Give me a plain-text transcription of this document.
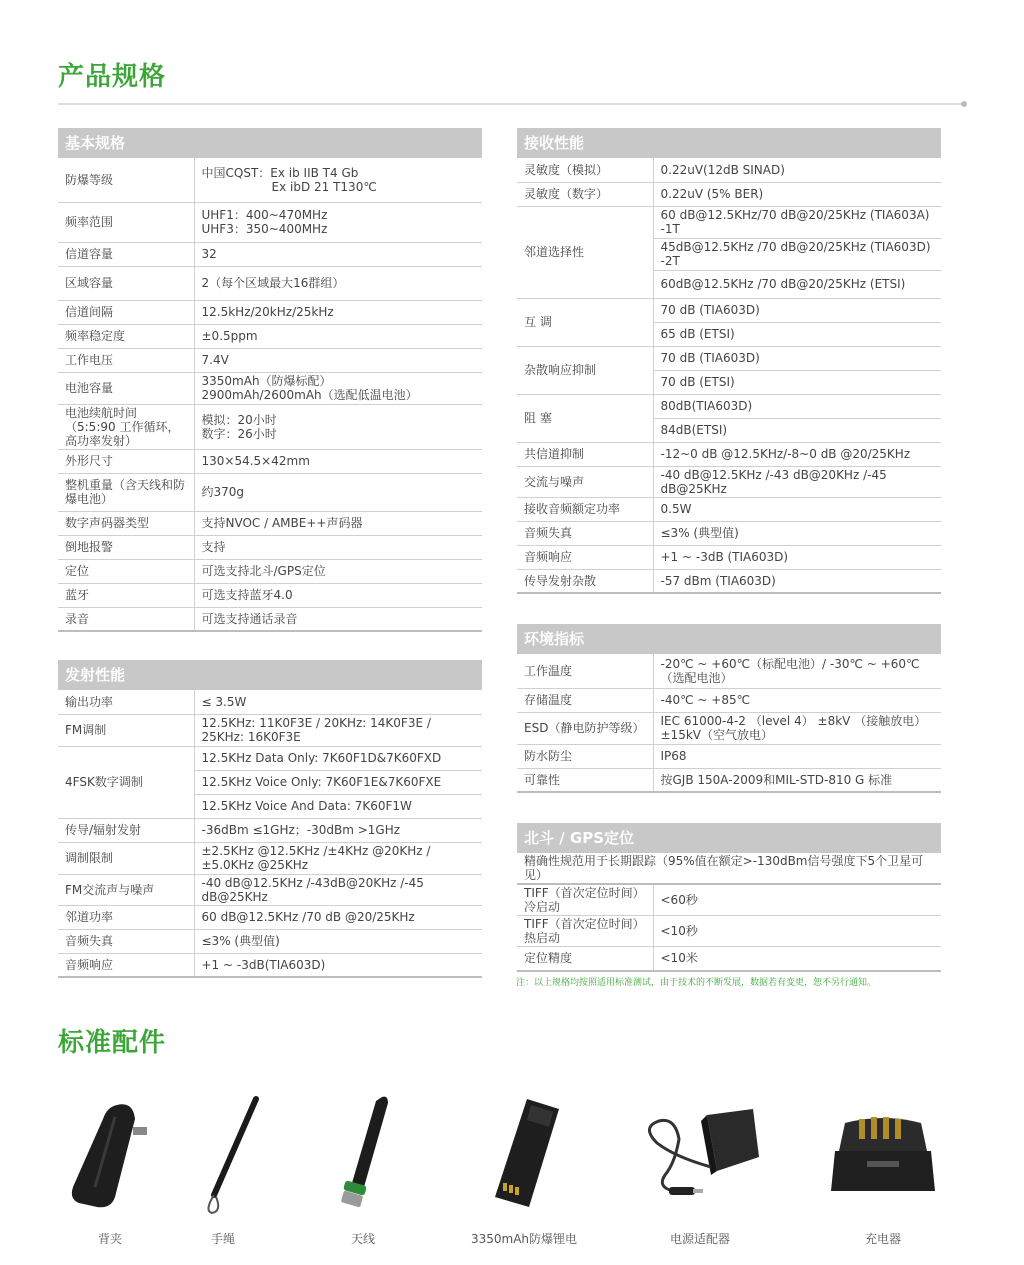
产品规格
基本规格
防爆等级	中国CQST：Ex ib IIB T4 Gb
Ex ibD 21 T130℃

频率范围	UHF1：400~470MHz
UHF3：350~400MHz

信道容量	32

区域容量	2（每个区域最大16群组）

信道间隔	12.5kHz/20kHz/25kHz

频率稳定度	±0.5ppm

工作电压	7.4V

电池容量	3350mAh（防爆标配）
2900mAh/2600mAh（选配低温电池）

电池续航时间（5:5:90 工作循环，高功率发射）	模拟：20小时
数字：26小时

外形尺寸	130×54.5×42mm

整机重量（含天线和防爆电池）	约370g

数字声码器类型	支持NVOC / AMBE++声码器

倒地报警	支持

定位	可选支持北斗/GPS定位

蓝牙	可选支持蓝牙4.0

录音	可选支持通话录音
发射性能
输出功率	≤ 3.5W

FM调制	12.5KHz: 11K0F3E / 20KHz: 14K0F3E / 25KHz: 16K0F3E

4FSK数字调制	12.5KHz Data Only: 7K60F1D&7K60FXD
	12.5KHz Voice Only: 7K60F1E&7K60FXE
	12.5KHz Voice And Data: 7K60F1W
传导/辐射发射	-36dBm ≤1GHz；-30dBm >1GHz

调制限制	±2.5KHz @12.5KHz /±4KHz @20KHz /±5.0KHz @25KHz

FM交流声与噪声	-40 dB@12.5KHz /-43dB@20KHz /-45 dB@25KHz

邻道功率	60 dB@12.5KHz /70 dB @20/25KHz

音频失真	≤3% (典型值)

音频响应	+1 ~ -3dB(TIA603D)
接收性能
灵敏度（模拟）	0.22uV(12dB SINAD)

灵敏度（数字）	0.22uV (5% BER)

邻道选择性	60 dB@12.5KHz/70 dB@20/25KHz (TIA603A) -1T
	45dB@12.5KHz /70 dB@20/25KHz (TIA603D) -2T
	60dB@12.5KHz /70 dB@20/25KHz (ETSI)
互 调	70 dB (TIA603D)
	65 dB (ETSI)
杂散响应抑制	70 dB (TIA603D)
	70 dB (ETSI)
阻 塞	80dB(TIA603D)
	84dB(ETSI)
共信道抑制	-12~0 dB @12.5KHz/-8~0 dB @20/25KHz

交流与噪声	-40 dB@12.5KHz /-43 dB@20KHz /-45 dB@25KHz

接收音频额定功率	0.5W

音频失真	≤3% (典型值)

音频响应	+1 ~ -3dB (TIA603D)

传导发射杂散	-57 dBm (TIA603D)
环境指标
工作温度	-20℃ ~ +60℃（标配电池）/ -30℃ ~ +60℃（选配电池）

存储温度	-40℃ ~ +85℃

ESD（静电防护等级）	IEC 61000-4-2 （level 4） ±8kV （接触放电）
±15kV（空气放电）

防水防尘	IP68

可靠性	按GJB 150A-2009和MIL-STD-810 G 标准
北斗 / GPS定位
精确性规范用于长期跟踪（95%值在额定>-130dBm信号强度下5个卫星可见）	
TIFF（首次定位时间）冷启动	<60秒

TIFF（首次定位时间）热启动	<10秒

定位精度	<10米
注：以上规格均按照适用标准测试，由于技术的不断发展，数据若有变更，恕不另行通知。
标准配件
背夹	手绳	天线	3350mAh防爆锂电	电源适配器	充电器
